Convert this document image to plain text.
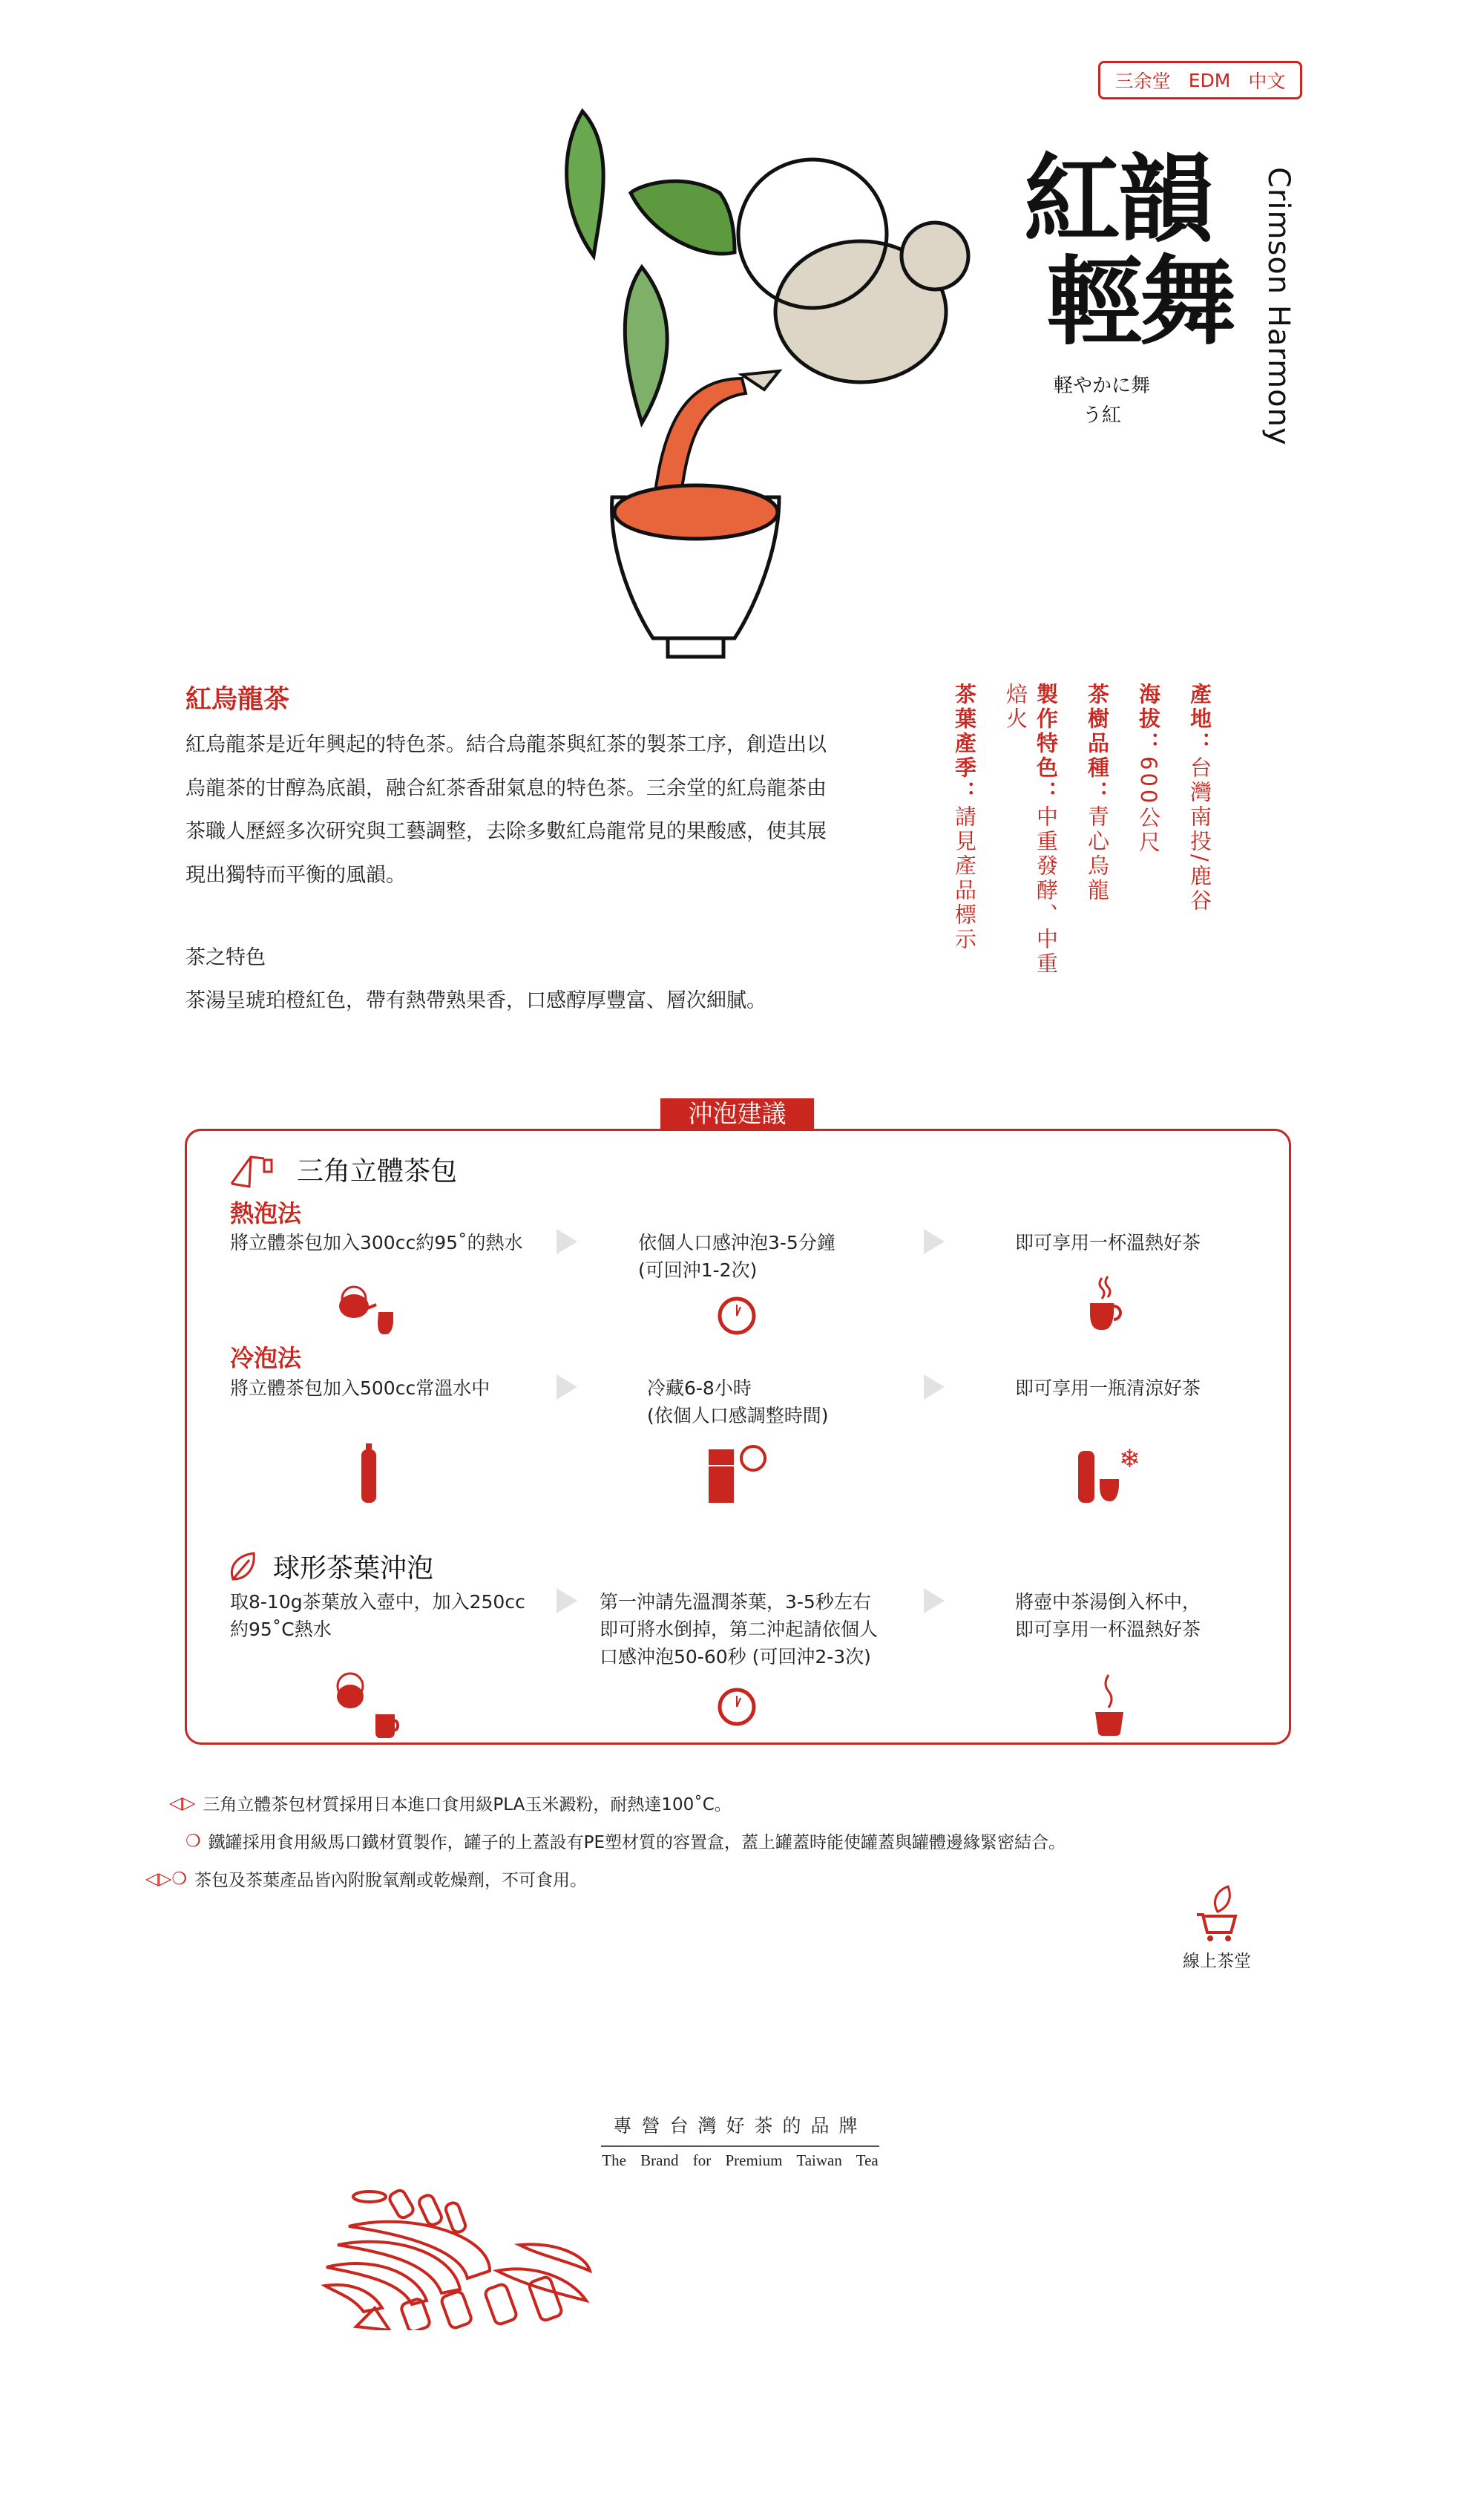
三余堂 EDM 中文
紅韻
輕舞 Crimson Harmony
軽やかに舞
う紅
產地：台灣南投/鹿谷
海拔：600公尺
茶樹品種：青心烏龍
製作特色：中重發酵、中重焙火
茶葉產季：請見產品標示
紅烏龍茶
紅烏龍茶是近年興起的特色茶。結合烏龍茶與紅茶的製茶工序，創造出以烏龍茶的甘醇為底韻，融合紅茶香甜氣息的特色茶。三余堂的紅烏龍茶由茶職人歷經多次研究與工藝調整，去除多數紅烏龍常見的果酸感，使其展現出獨特而平衡的風韻。
茶之特色
茶湯呈琥珀橙紅色，帶有熱帶熟果香，口感醇厚豐富、層次細膩。
沖泡建議
三角立體茶包
熱泡法
將立體茶包加入300cc約95˚的熱水	依個人口感沖泡3-5分鐘
(可回沖1-2次)
即可享用一杯溫熱好茶
冷泡法
將立體茶包加入500cc常溫水中	冷藏6-8小時
(依個人口感調整時間)
即可享用一瓶清涼好茶
❄
球形茶葉沖泡
取8-10g茶葉放入壺中，加入250cc
約95˚C熱水
第一沖請先溫潤茶葉，3-5秒左右
即可將水倒掉，第二沖起請依個人
口感沖泡50-60秒 (可回沖2-3次)
將壺中茶湯倒入杯中，
即可享用一杯溫熱好茶
◁▷ 三角立體茶包材質採用日本進口食用級PLA玉米澱粉，耐熱達100˚C。
❍ 鐵罐採用食用級馬口鐵材質製作，罐子的上蓋設有PE塑材質的容置盒，蓋上罐蓋時能使罐蓋與罐體邊緣緊密結合。
◁▷❍ 茶包及茶葉產品皆內附脫氧劑或乾燥劑，不可食用。
線上茶堂
專營台灣好茶的品牌
The Brand for Premium Taiwan Tea
